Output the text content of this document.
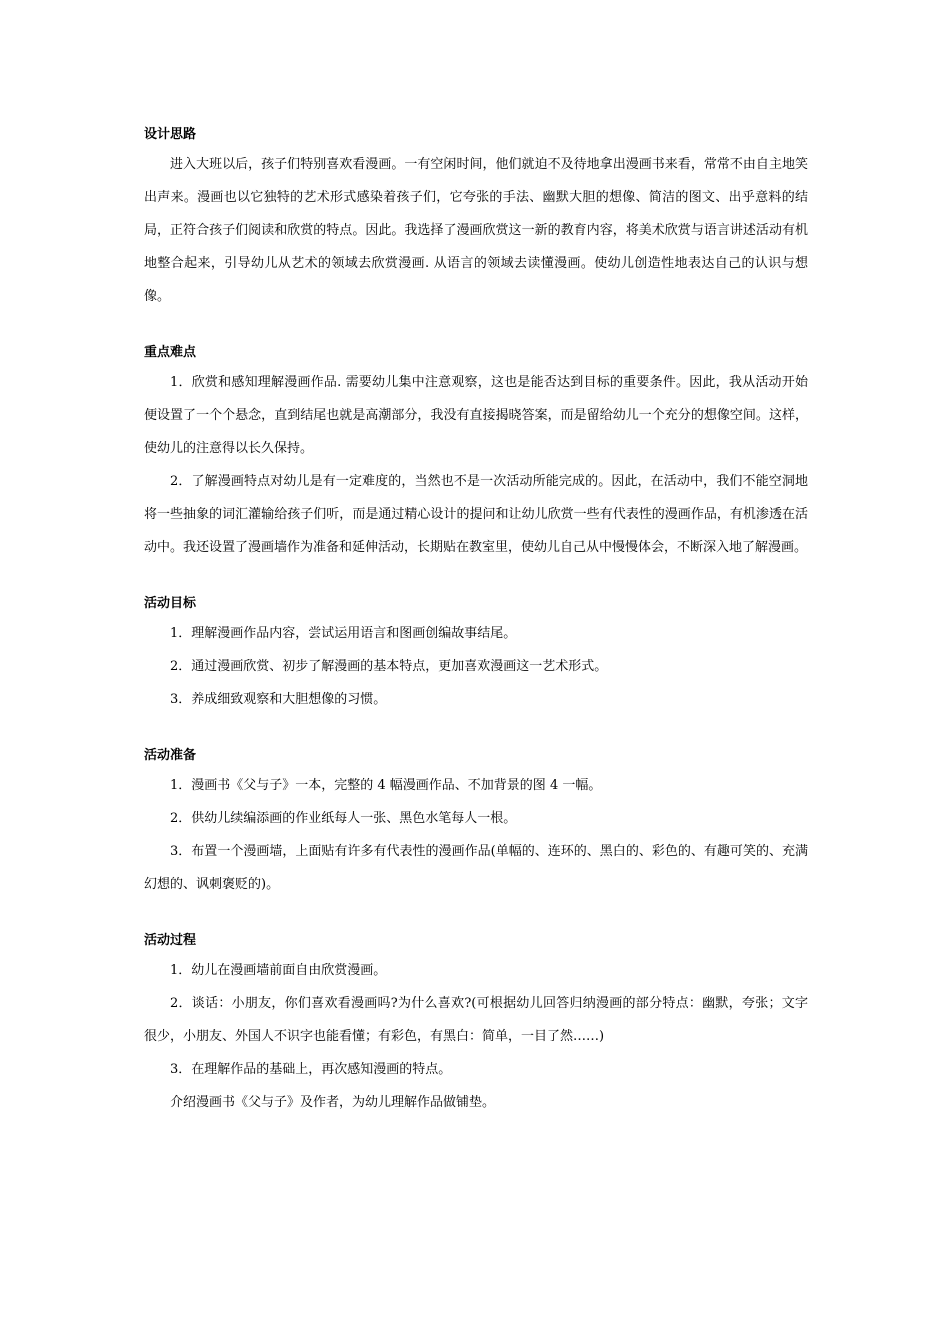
设计思路

进入大班以后，孩子们特别喜欢看漫画。一有空闲时间，他们就迫不及待地拿出漫画书来看，常常不由自主地笑出声来。漫画也以它独特的艺术形式感染着孩子们，它夸张的手法、幽默大胆的想像、简洁的图文、出乎意料的结局，正符合孩子们阅读和欣赏的特点。因此。我选择了漫画欣赏这一新的教育内容，将美术欣赏与语言讲述活动有机地整合起来，引导幼儿从艺术的领域去欣赏漫画. 从语言的领域去读懂漫画。使幼儿创造性地表达自己的认识与想像。

重点难点

1．欣赏和感知理解漫画作品. 需要幼儿集中注意观察，这也是能否达到目标的重要条件。因此，我从活动开始便设置了一个个悬念，直到结尾也就是高潮部分，我没有直接揭晓答案，而是留给幼儿一个充分的想像空间。这样，使幼儿的注意得以长久保持。

2．了解漫画特点对幼儿是有一定难度的，当然也不是一次活动所能完成的。因此，在活动中，我们不能空洞地将一些抽象的词汇灌输给孩子们听，而是通过精心设计的提问和让幼儿欣赏一些有代表性的漫画作品，有机渗透在活动中。我还设置了漫画墙作为准备和延伸活动，长期贴在教室里，使幼儿自己从中慢慢体会，不断深入地了解漫画。

活动目标

1．理解漫画作品内容，尝试运用语言和图画创编故事结尾。

2．通过漫画欣赏、初步了解漫画的基本特点，更加喜欢漫画这一艺术形式。

3．养成细致观察和大胆想像的习惯。

活动准备

1．漫画书《父与子》一本，完整的 4 幅漫画作品、不加背景的图 4 一幅。

2．供幼儿续编添画的作业纸每人一张、黑色水笔每人一根。

3．布置一个漫画墙，上面贴有许多有代表性的漫画作品(单幅的、连环的、黑白的、彩色的、有趣可笑的、充满幻想的、讽刺褒贬的)。

活动过程

1．幼儿在漫画墙前面自由欣赏漫画。

2．谈话：小朋友，你们喜欢看漫画吗?为什么喜欢?(可根据幼儿回答归纳漫画的部分特点：幽默，夸张；文字很少，小朋友、外国人不识字也能看懂；有彩色，有黑白：简单，一目了然……)

3．在理解作品的基础上，再次感知漫画的特点。

介绍漫画书《父与子》及作者，为幼儿理解作品做铺垫。
